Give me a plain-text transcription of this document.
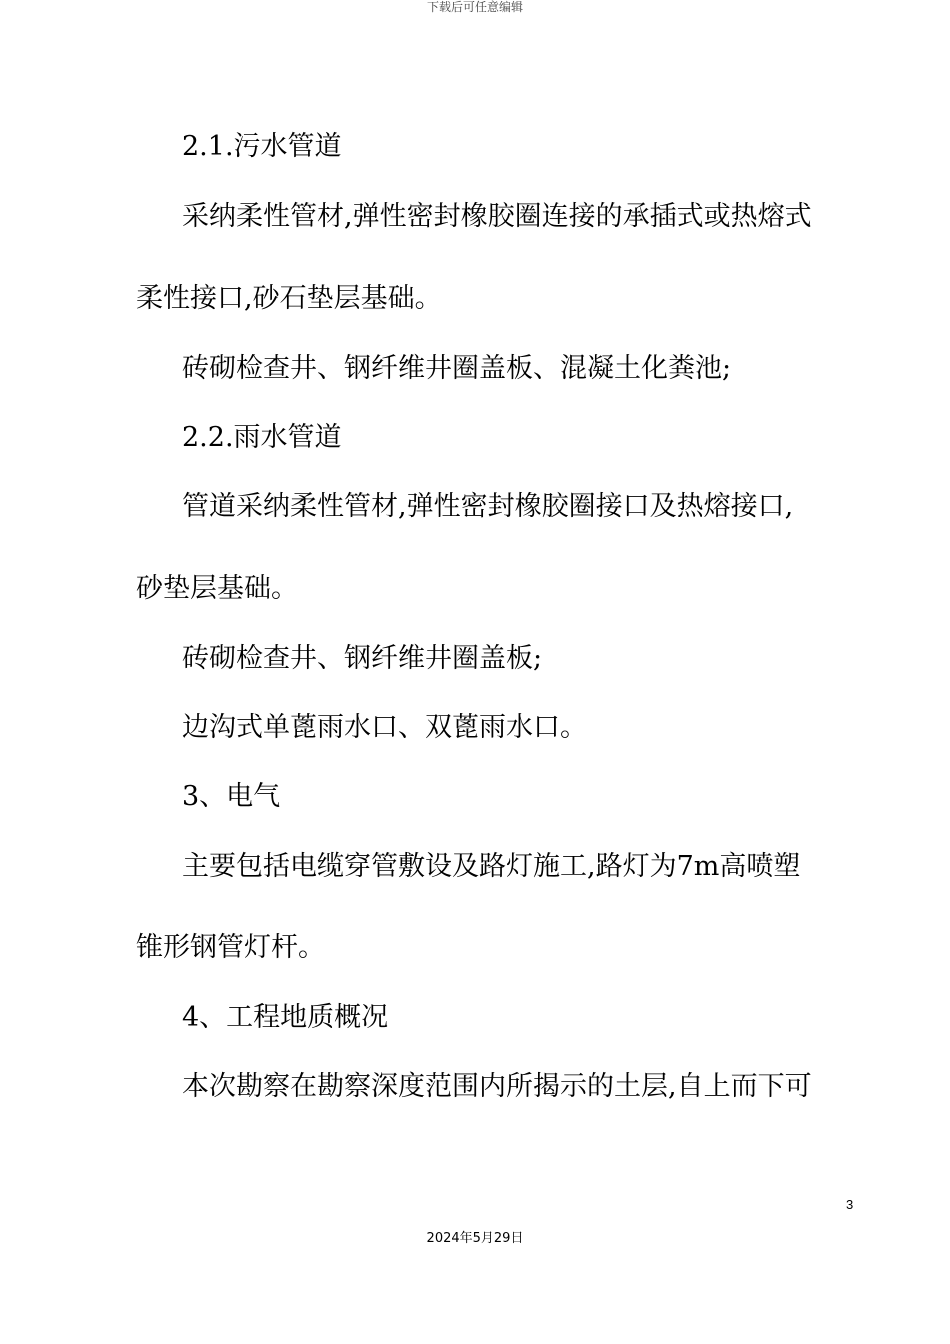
下载后可任意编辑
2.1.污水管道
采纳柔性管材,弹性密封橡胶圈连接的承插式或热熔式
柔性接口,砂石垫层基础。
砖砌检查井、钢纤维井圈盖板、混凝土化粪池;
2.2.雨水管道
管道采纳柔性管材,弹性密封橡胶圈接口及热熔接口,
砂垫层基础。
砖砌检查井、钢纤维井圈盖板;
边沟式单蓖雨水口、双蓖雨水口。
3、电气
主要包括电缆穿管敷设及路灯施工,路灯为7m高喷塑
锥形钢管灯杆。
4、工程地质概况
本次勘察在勘察深度范围内所揭示的土层,自上而下可
3
2024年5月29日
